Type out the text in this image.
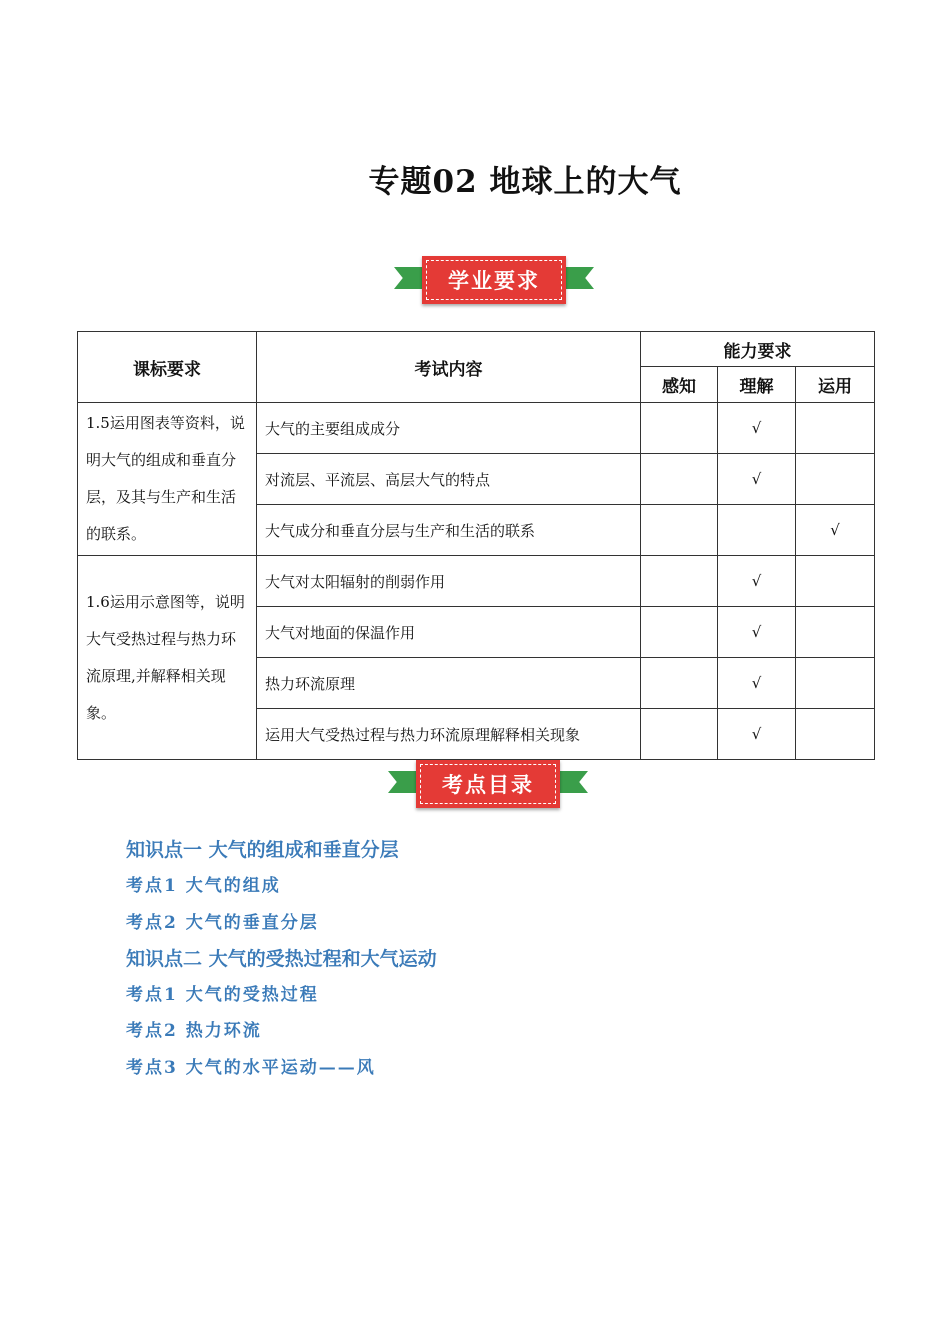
专题02 地球上的大气
学业要求
课标要求	考试内容	能力要求		
		感知	理解	运用
1.5运用图表等资料，说明大气的组成和垂直分层，及其与生产和生活的联系。	大气的主要组成成分		√	
	对流层、平流层、高层大气的特点		√	
	大气成分和垂直分层与生产和生活的联系			√
1.6运用示意图等，说明大气受热过程与热力环流原理,并解释相关现象。	大气对太阳辐射的削弱作用		√	
	大气对地面的保温作用		√	
	热力环流原理		√	
	运用大气受热过程与热力环流原理解释相关现象		√	
考点目录
知识点一 大气的组成和垂直分层
考点1 大气的组成
考点2 大气的垂直分层
知识点二 大气的受热过程和大气运动
考点1 大气的受热过程
考点2 热力环流
考点3 大气的水平运动——风
